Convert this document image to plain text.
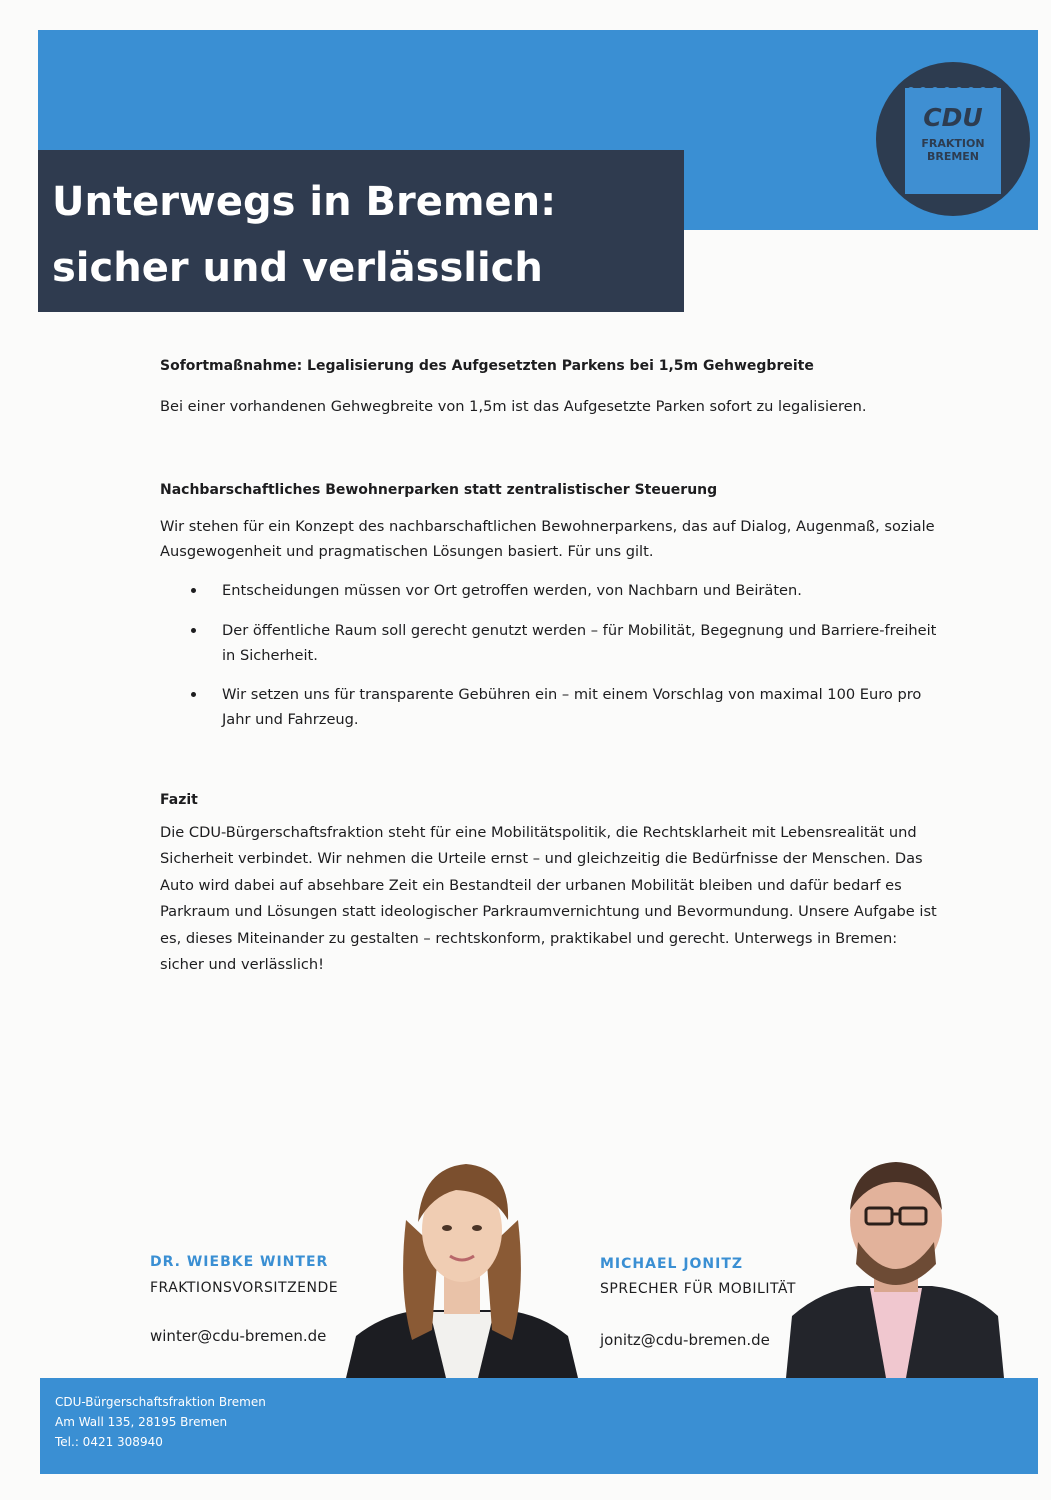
CDU
FRAKTION
BREMEN
Unterwegs in Bremen:
sicher und verlässlich

Sofortmaßnahme: Legalisierung des Aufgesetzten Parkens bei 1,5m Gehwegbreite

Bei einer vorhandenen Gehwegbreite von 1,5m ist das Aufgesetzte Parken sofort zu legalisieren.

Nachbarschaftliches Bewohnerparken statt zentralistischer Steuerung

Wir stehen für ein Konzept des nachbarschaftlichen Bewohnerparkens, das auf Dialog, Augenmaß, soziale Ausgewogenheit und pragmatischen Lösungen basiert. Für uns gilt.

Entscheidungen müssen vor Ort getroffen werden, von Nachbarn und Beiräten.
Der öffentliche Raum soll gerecht genutzt werden – für Mobilität, Begegnung und Barriere-freiheit in Sicherheit.
Wir setzen uns für transparente Gebühren ein – mit einem Vorschlag von maximal 100 Euro pro Jahr und Fahrzeug.

Fazit

Die CDU-Bürgerschaftsfraktion steht für eine Mobilitätspolitik, die Rechtsklarheit mit Lebensrealität und Sicherheit verbindet. Wir nehmen die Urteile ernst – und gleichzeitig die Bedürfnisse der Menschen. Das Auto wird dabei auf absehbare Zeit ein Bestandteil der urbanen Mobilität bleiben und dafür bedarf es Parkraum und Lösungen statt ideologischer Parkraumvernichtung und Bevormundung. Unsere Aufgabe ist es, dieses Miteinander zu gestalten – rechtskonform, praktikabel und gerecht. Unterwegs in Bremen: sicher und verlässlich!

DR. WIEBKE WINTER
FRAKTIONSVORSITZENDE
winter@cdu-bremen.de
MICHAEL JONITZ
SPRECHER FÜR MOBILITÄT
jonitz@cdu-bremen.de
CDU-Bürgerschaftsfraktion Bremen
Am Wall 135, 28195 Bremen
Tel.: 0421 308940
